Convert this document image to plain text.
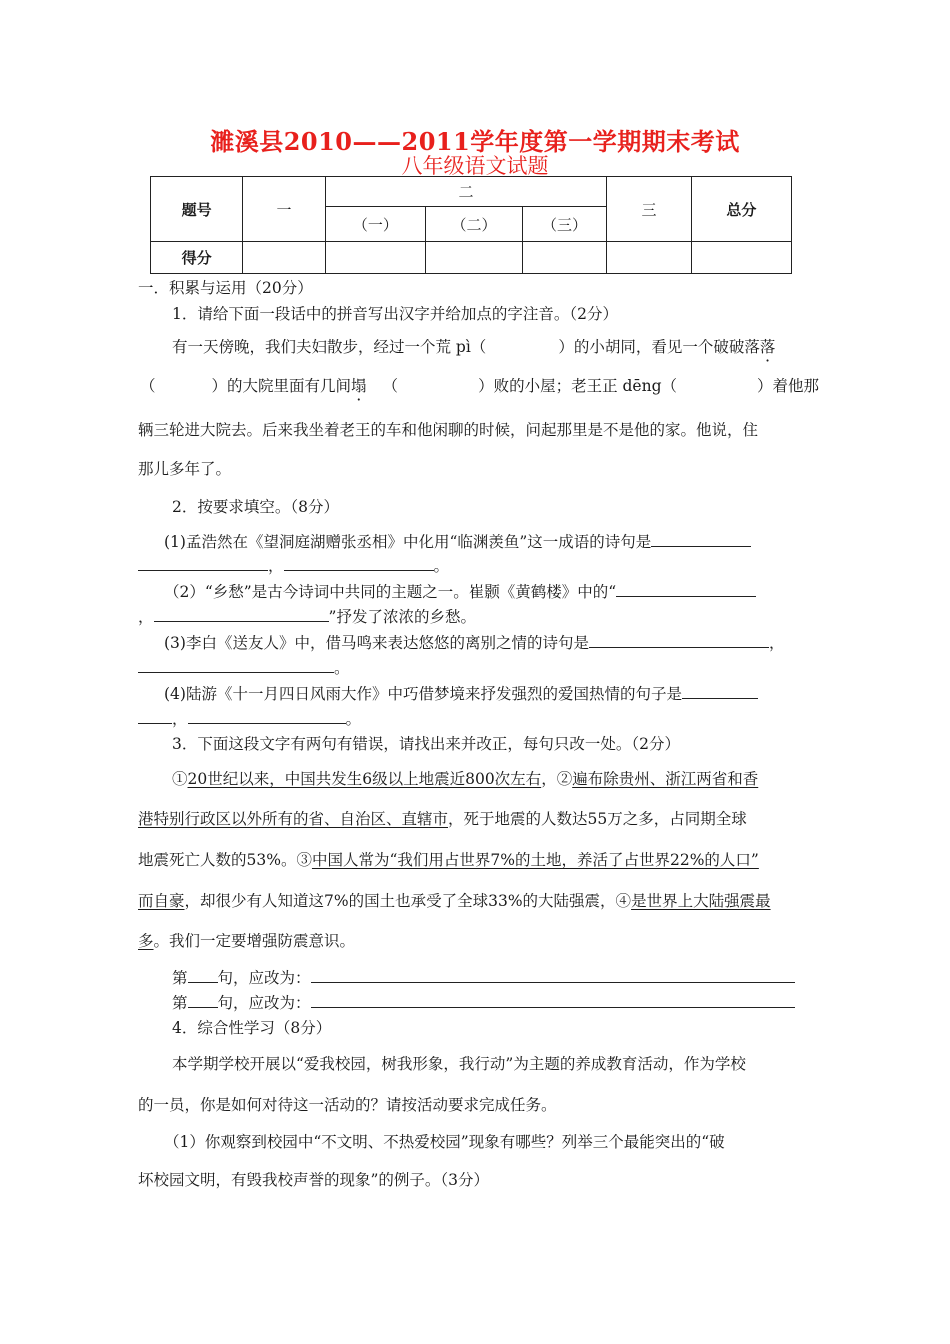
濉溪县2010——2011学年度第一学期期末考试
八年级语文试题
题号	一	二			三	总分
		（一）	（二）	（三）		
得分						
一．积累与运用（20分）
1．请给下面一段话中的拼音写出汉字并给加点的字注音。（2分）
有一天傍晚，我们夫妇散步，经过一个荒 pì（	）的小胡同，看见一个破破落落
（	）的大院里面有几间塌 （	）败的小屋；老王正 dēng（	）着他那
辆三轮进大院去。后来我坐着老王的车和他闲聊的时候，问起那里是不是他的家。他说，住
那儿多年了。
2．按要求填空。（8分）
(1)孟浩然在《望洞庭湖赠张丞相》中化用“临渊羡鱼”这一成语的诗句是
，	。
（2）“乡愁”是古今诗词中共同的主题之一。崔颢《黄鹤楼》中的“
，	”抒发了浓浓的乡愁。
(3)李白《送友人》中，借马鸣来表达悠悠的离别之情的诗句是	，
。
(4)陆游《十一月四日风雨大作》中巧借梦境来抒发强烈的爱国热情的句子是
，	。
3．下面这段文字有两句有错误，请找出来并改正，每句只改一处。（2分）
①20世纪以来，中国共发生6级以上地震近800次左右，②遍布除贵州、浙江两省和香
港特别行政区以外所有的省、自治区、直辖市，死于地震的人数达55万之多，占同期全球
地震死亡人数的53%。③中国人常为“我们用占世界7%的土地，养活了占世界22%的人口”
而自豪，却很少有人知道这7%的国土也承受了全球33%的大陆强震，④是世界上大陆强震最
多。我们一定要增强防震意识。
第 句，应改为：
第 句，应改为：
4．综合性学习（8分）
本学期学校开展以“爱我校园，树我形象，我行动”为主题的养成教育活动，作为学校
的一员，你是如何对待这一活动的？请按活动要求完成任务。
（1）你观察到校园中“不文明、不热爱校园”现象有哪些？列举三个最能突出的“破
坏校园文明，有毁我校声誉的现象”的例子。（3分）
